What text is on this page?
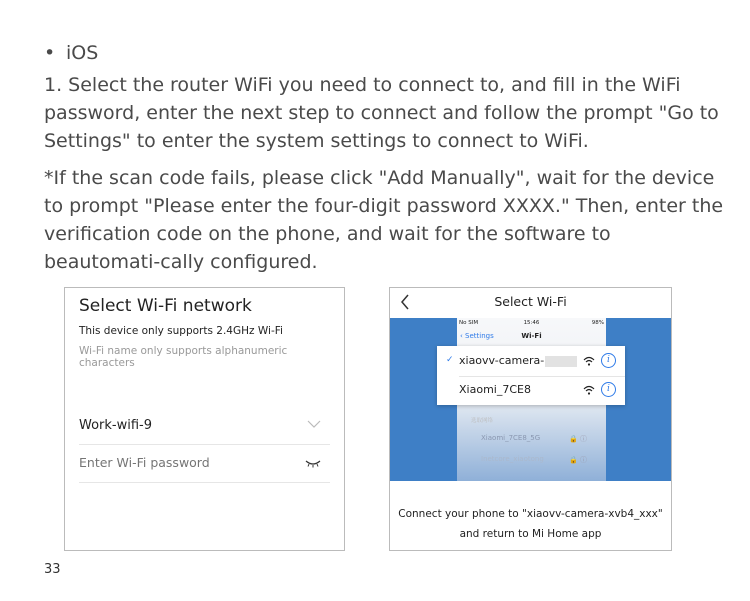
• iOS

1. Select the router WiFi you need to connect to, and fill in the WiFi password, enter the next step to connect and follow the prompt "Go to Settings" to enter the system settings to connect to WiFi.

*If the scan code fails, please click "Add Manually", wait for the device to prompt "Please enter the four-digit password XXXX." Then, enter the verification code on the phone, and wait for the software to beautomati-cally configured.

Select Wi-Fi network
This device only supports 2.4GHz Wi-Fi
Wi-Fi name only supports alphanumeric characters
Work-wifi-9
Enter Wi-Fi password
Select Wi-Fi
No SIM	15:46	98%
Wi-Fi
‹ Settings
选取网络
Xiaomi_7CE8_5G	🔒 ⓘ
Inetcore_xiaotong	🔒 ⓘ
✓ xiaovv-camera-	i
Xiaomi_7CE8	i
Connect your phone to "xiaovv-camera-xvb4_xxx"
and return to Mi Home app
33
